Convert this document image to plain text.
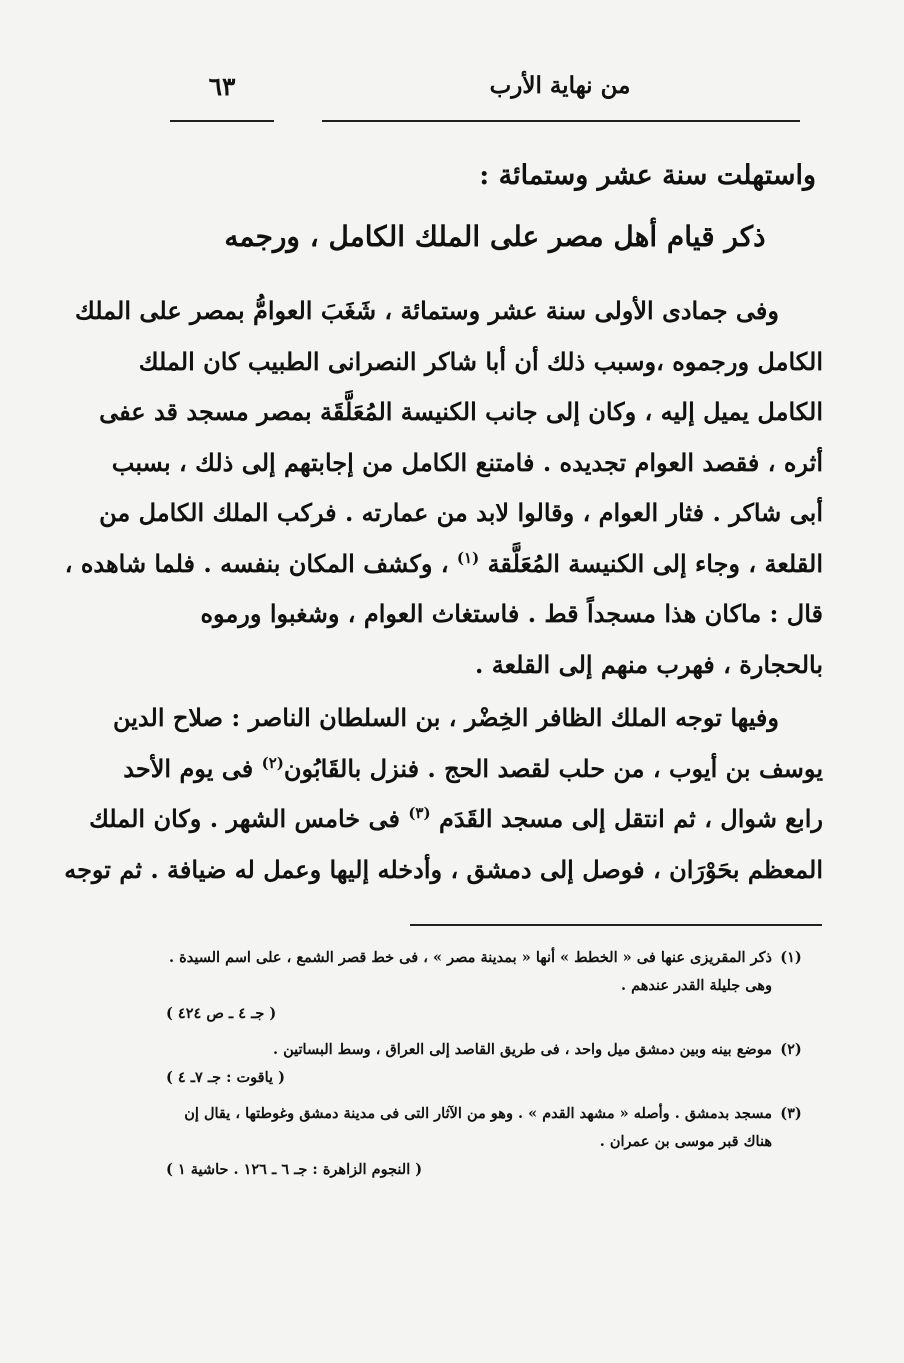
٦٣	من نهاية الأرب
واستهلت سنة عشر وستمائة :
ذكر قيام أهل مصر على الملك الكامل ، ورجمه
وفى جمادى الأولى سنة عشر وستمائة ، شَغَبَ العوامُّ بمصر على الملك
الكامل ورجموه ،وسبب ذلك أن أبا شاكر النصرانى الطبيب كان الملك
الكامل يميل إليه ، وكان إلى جانب الكنيسة المُعَلَّقَة بمصر مسجد قد عفى
أثره ، فقصد العوام تجديده . فامتنع الكامل من إجابتهم إلى ذلك ، بسبب
أبى شاكر . فثار العوام ، وقالوا لابد من عمارته . فركب الملك الكامل من
القلعة ، وجاء إلى الكنيسة المُعَلَّقة $^{(١)}$ ، وكشف المكان بنفسه . فلما شاهده ،
قال : ماكان هذا مسجداً قط . فاستغاث العوام ، وشغبوا ورموه
بالحجارة ، فهرب منهم إلى القلعة .
وفيها توجه الملك الظافر الخِضْر ، بن السلطان الناصر : صلاح الدين
يوسف بن أيوب ، من حلب لقصد الحج . فنزل بالقَابُون$^{(٢)}$ فى يوم الأحد
رابع شوال ، ثم انتقل إلى مسجد القَدَم $^{(٣)}$ فى خامس الشهر . وكان الملك
المعظم بحَوْرَان ، فوصل إلى دمشق ، وأدخله إليها وعمل له ضيافة . ثم توجه
(١)
ذكر المقريزى عنها فى « الخطط » أنها « بمدينة مصر » ، فى خط قصر الشمع ، على اسم السيدة . وهى جليلة القدر عندهم .
( جـ ٤ ـ ص ٤٢٤ )
(٢)
موضع بينه وبين دمشق ميل واحد ، فى طريق القاصد إلى العراق ، وسط البساتين .
( ياقوت : جـ ٧ـ ٤ )
(٣)
مسجد بدمشق . وأصله « مشهد القدم » . وهو من الآثار التى فى مدينة دمشق وغوطتها ، يقال إن هناك قبر موسى بن عمران .
( النجوم الزاهرة : جـ ٦ ـ ١٢٦ . حاشية ١ )
